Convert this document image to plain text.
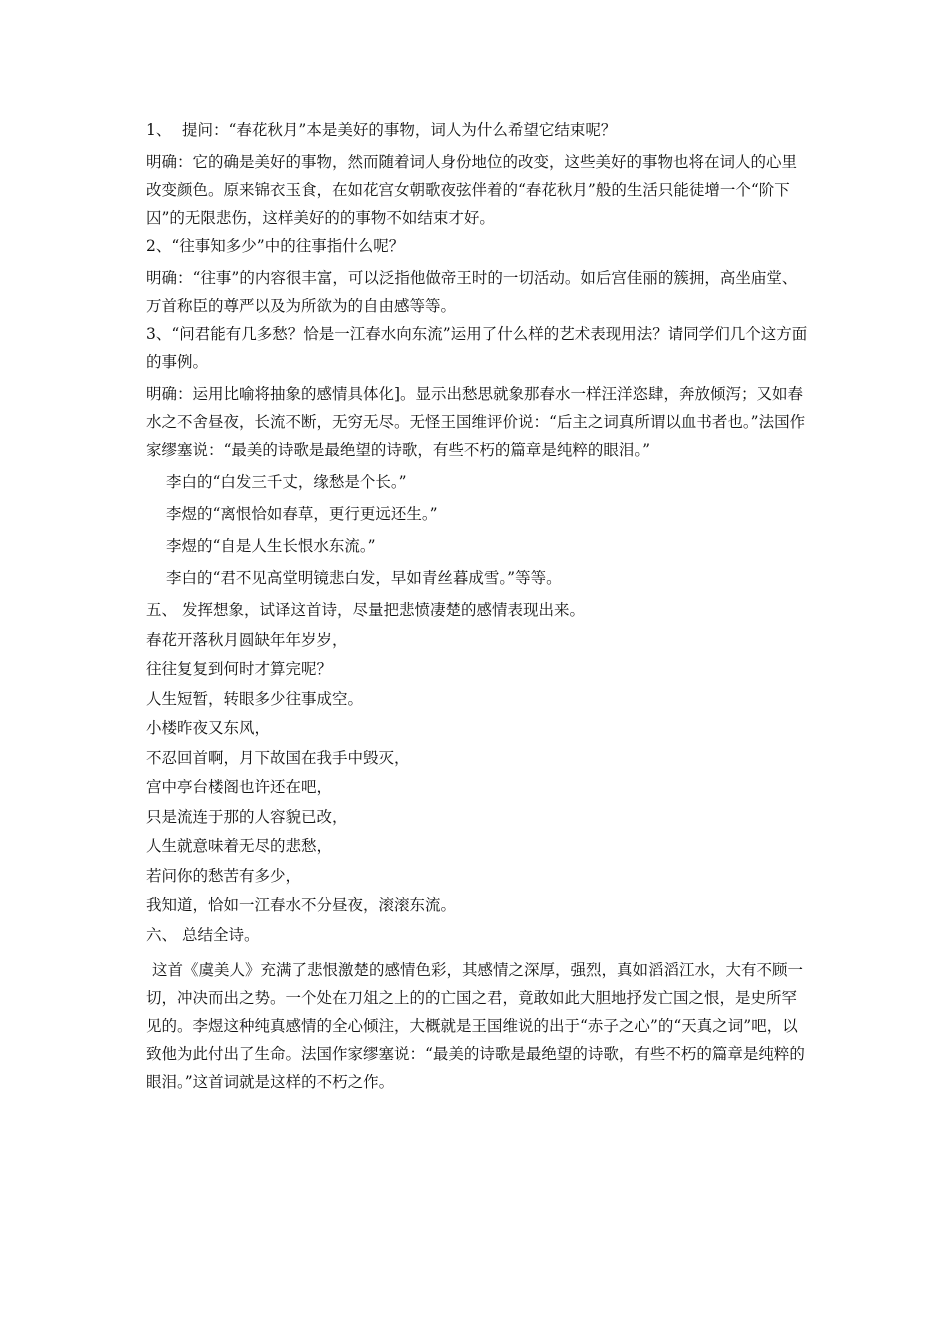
1、 提问：“春花秋月”本是美好的事物，词人为什么希望它结束呢？

明确：它的确是美好的事物，然而随着词人身份地位的改变，这些美好的事物也将在词人的心里改变颜色。原来锦衣玉食，在如花宫女朝歌夜弦伴着的“春花秋月”般的生活只能徒增一个“阶下囚”的无限悲伤，这样美好的的事物不如结束才好。

2、“往事知多少”中的往事指什么呢？

明确：“往事”的内容很丰富，可以泛指他做帝王时的一切活动。如后宫佳丽的簇拥，高坐庙堂、万首称臣的尊严以及为所欲为的自由感等等。

3、“问君能有几多愁？恰是一江春水向东流”运用了什么样的艺术表现用法？请同学们几个这方面的事例。

明确：运用比喻将抽象的感情具体化]。显示出愁思就象那春水一样汪洋恣肆，奔放倾泻；又如春水之不舍昼夜，长流不断，无穷无尽。无怪王国维评价说：“后主之词真所谓以血书者也。”法国作家缪塞说：“最美的诗歌是最绝望的诗歌，有些不朽的篇章是纯粹的眼泪。”

李白的“白发三千丈，缘愁是个长。”

李煜的“离恨恰如春草，更行更远还生。”

李煜的“自是人生长恨水东流。”

李白的“君不见高堂明镜悲白发，早如青丝暮成雪。”等等。

五、 发挥想象，试译这首诗，尽量把悲愤凄楚的感情表现出来。

春花开落秋月圆缺年年岁岁，

往往复复到何时才算完呢？

人生短暂，转眼多少往事成空。

小楼昨夜又东风，

不忍回首啊，月下故国在我手中毁灭，

宫中亭台楼阁也许还在吧，

只是流连于那的人容貌已改，

人生就意味着无尽的悲愁，

若问你的愁苦有多少，

我知道，恰如一江春水不分昼夜，滚滚东流。

六、 总结全诗。

这首《虞美人》充满了悲恨激楚的感情色彩，其感情之深厚，强烈，真如滔滔江水，大有不顾一切，冲决而出之势。一个处在刀俎之上的的亡国之君，竟敢如此大胆地抒发亡国之恨，是史所罕见的。李煜这种纯真感情的全心倾注，大概就是王国维说的出于“赤子之心”的“天真之词”吧，以致他为此付出了生命。法国作家缪塞说：“最美的诗歌是最绝望的诗歌，有些不朽的篇章是纯粹的眼泪。”这首词就是这样的不朽之作。
